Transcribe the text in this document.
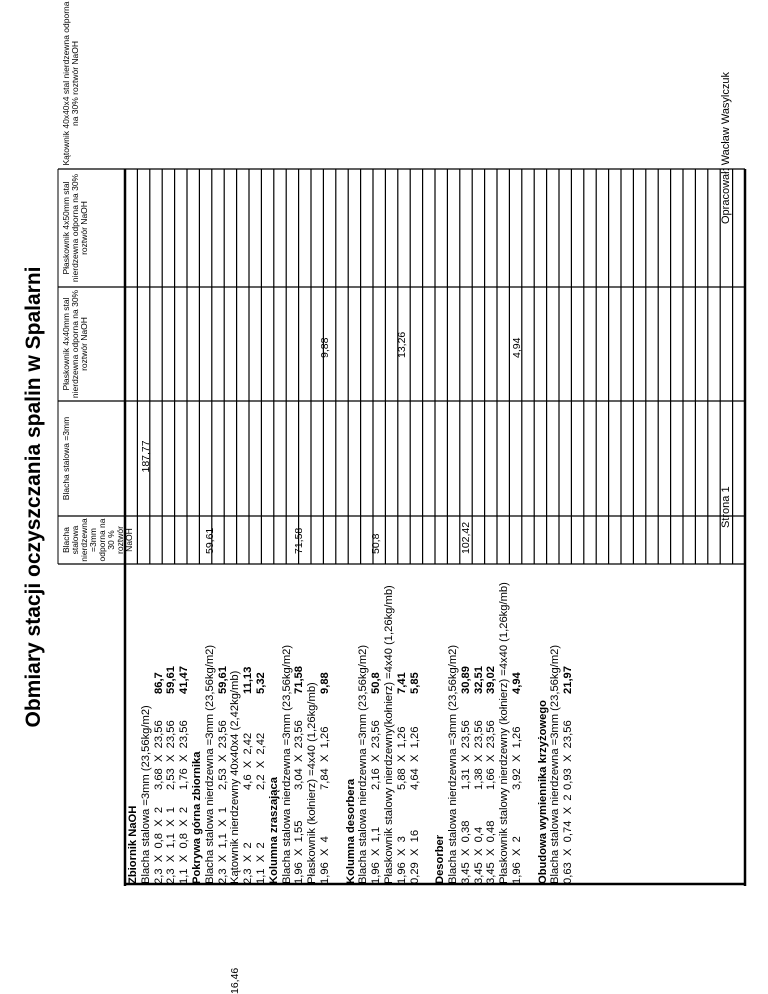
Obmiary stacji oczyszczania spalin w Spalarni Blacha stalowa nierdzewna =3mm odporna na 30 % roztwór NaOH
Blacha stalowa =3mm
Płaskownik 4x40mm stal nierdzewna odporna na 30% roztwór NaOH
Płaskownik 4x50mm stal nierdzewna odporna na 30% roztwór NaOH
Kątownik 40x40x4 stal nierdzewna odporna na 30% roztwór NaOH
Zbiornik NaOH Blacha stalowa =3mm (23,56kg/m2) 2,3  X  0,8  X  2
3,68  X  23,56
86,7
2,3  X  1,1  X  1
2,53  X  23,56
59,61
1,1  X  0,8  X  2
1,76  X  23,56
41,47
Pokrywa górna zbiornika Blacha stalowa nierdzewna =3mm (23,56kg/m2) 2,3  X  1,1  X  1
2,53  X  23,56
59,61 Kątownik nierdzewny 40x40x4 (2,42kg/mb) 2,3  X  2
4,6  X  2,42
11,13
1,1  X  2
2,2  X  2,42
5,32
Kolumna zraszająca Blacha stalowa nierdzewna =3mm (23,56kg/m2) 1,96  X  1,55
3,04  X  23,56
71,58
Płaskownik (kołnierz) =4x40 (1,26kg/mb) 1,96  X  4
7,84  X  1,26
9,88
Kolumna desorbera Blacha stalowa nierdzewna =3mm (23,56kg/m2) 1,96  X  1,1
2,16  X  23,56
50,8 Płaskownik stalowy nierdzewny(kołnierz) =4x40 (1,26kg/mb) 1,96  X  3
5,88  X  1,26
7,41
0,29  X  16
4,64  X  1,26
5,85
Desorber Blacha stalowa nierdzewna =3mm (23,56kg/m2) 3,45  X  0,38
1,31  X  23,56
30,89
3,45  X  0,4
1,38  X  23,56
32,51
3,45  X  0,48
1,66  X  23,56
39,02 Płaskownik stalowy nierdzewny (kołnierz) =4x40 (1,26kg/mb) 1,96  X  2
3,92  X  1,26
4,94
Obudowa wymiennika krzyżowego Blacha stalowa nierdzewna =3mm (23,56kg/m2) 0,63  X  0,74  X  2
0,93  X  23,56
21,97
187,77
59,61
16,46
71,58
9,88
50,8
13,26
102,42
4,94
Strona 1
Opracował: Wacław Wasylczuk
